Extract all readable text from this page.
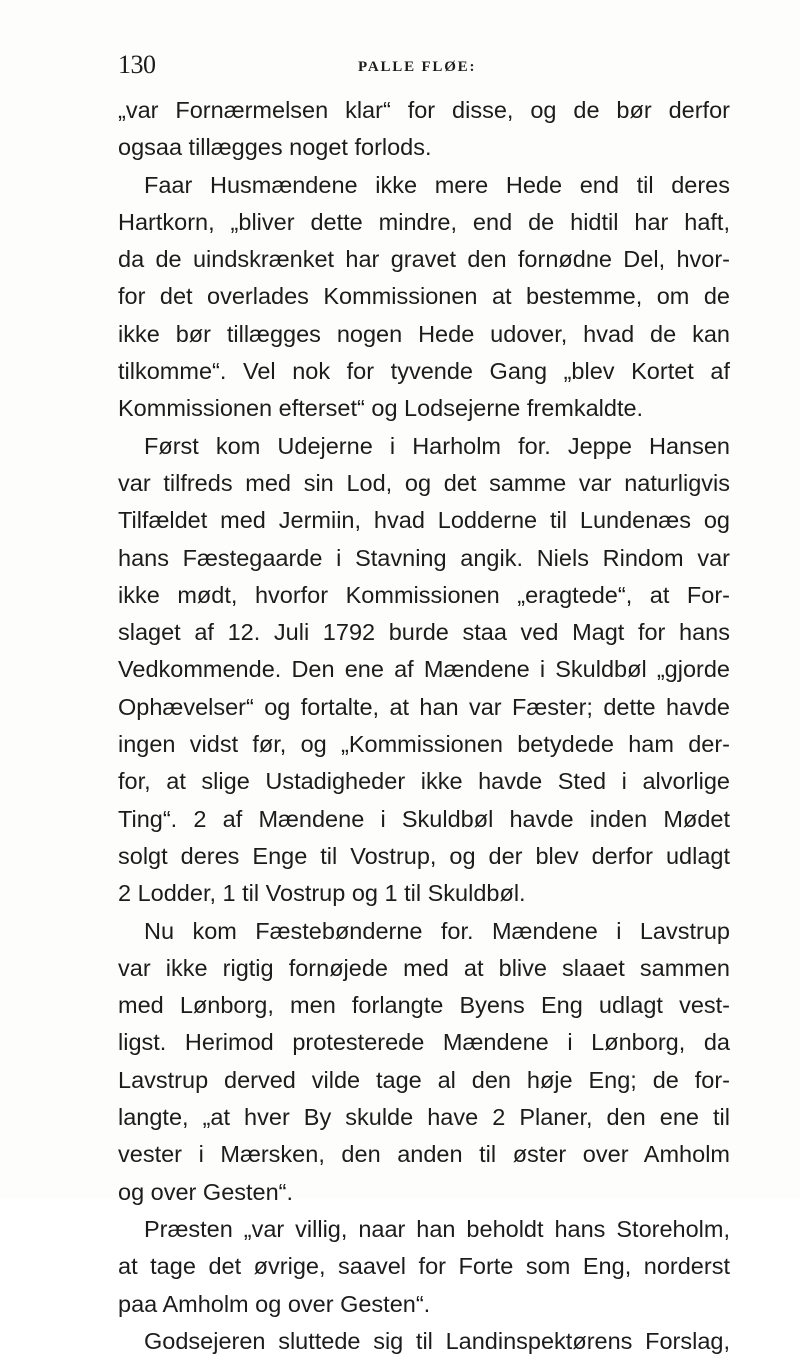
130	PALLE FLØE:
„var Fornærmelsen klar“ for disse, og de bør derfor
ogsaa tillægges noget forlods.
Faar Husmændene ikke mere Hede end til deres
Hartkorn, „bliver dette mindre, end de hidtil har haft,
da de uindskrænket har gravet den fornødne Del, hvor-
for det overlades Kommissionen at bestemme, om de
ikke bør tillægges nogen Hede udover, hvad de kan
tilkomme“. Vel nok for tyvende Gang „blev Kortet af
Kommissionen efterset“ og Lodsejerne fremkaldte.
Først kom Udejerne i Harholm for. Jeppe Hansen
var tilfreds med sin Lod, og det samme var naturligvis
Tilfældet med Jermiin, hvad Lodderne til Lundenæs og
hans Fæstegaarde i Stavning angik. Niels Rindom var
ikke mødt, hvorfor Kommissionen „eragtede“, at For-
slaget af 12. Juli 1792 burde staa ved Magt for hans
Vedkommende. Den ene af Mændene i Skuldbøl „gjorde
Ophævelser“ og fortalte, at han var Fæster; dette havde
ingen vidst før, og „Kommissionen betydede ham der-
for, at slige Ustadigheder ikke havde Sted i alvorlige
Ting“. 2 af Mændene i Skuldbøl havde inden Mødet
solgt deres Enge til Vostrup, og der blev derfor udlagt
2 Lodder, 1 til Vostrup og 1 til Skuldbøl.
Nu kom Fæstebønderne for. Mændene i Lavstrup
var ikke rigtig fornøjede med at blive slaaet sammen
med Lønborg, men forlangte Byens Eng udlagt vest-
ligst. Herimod protesterede Mændene i Lønborg, da
Lavstrup derved vilde tage al den høje Eng; de for-
langte, „at hver By skulde have 2 Planer, den ene til
vester i Mærsken, den anden til øster over Amholm
og over Gesten“.
Præsten „var villig, naar han beholdt hans Storeholm,
at tage det øvrige, saavel for Forte som Eng, norderst
paa Amholm og over Gesten“.
Godsejeren sluttede sig til Landinspektørens Forslag,
